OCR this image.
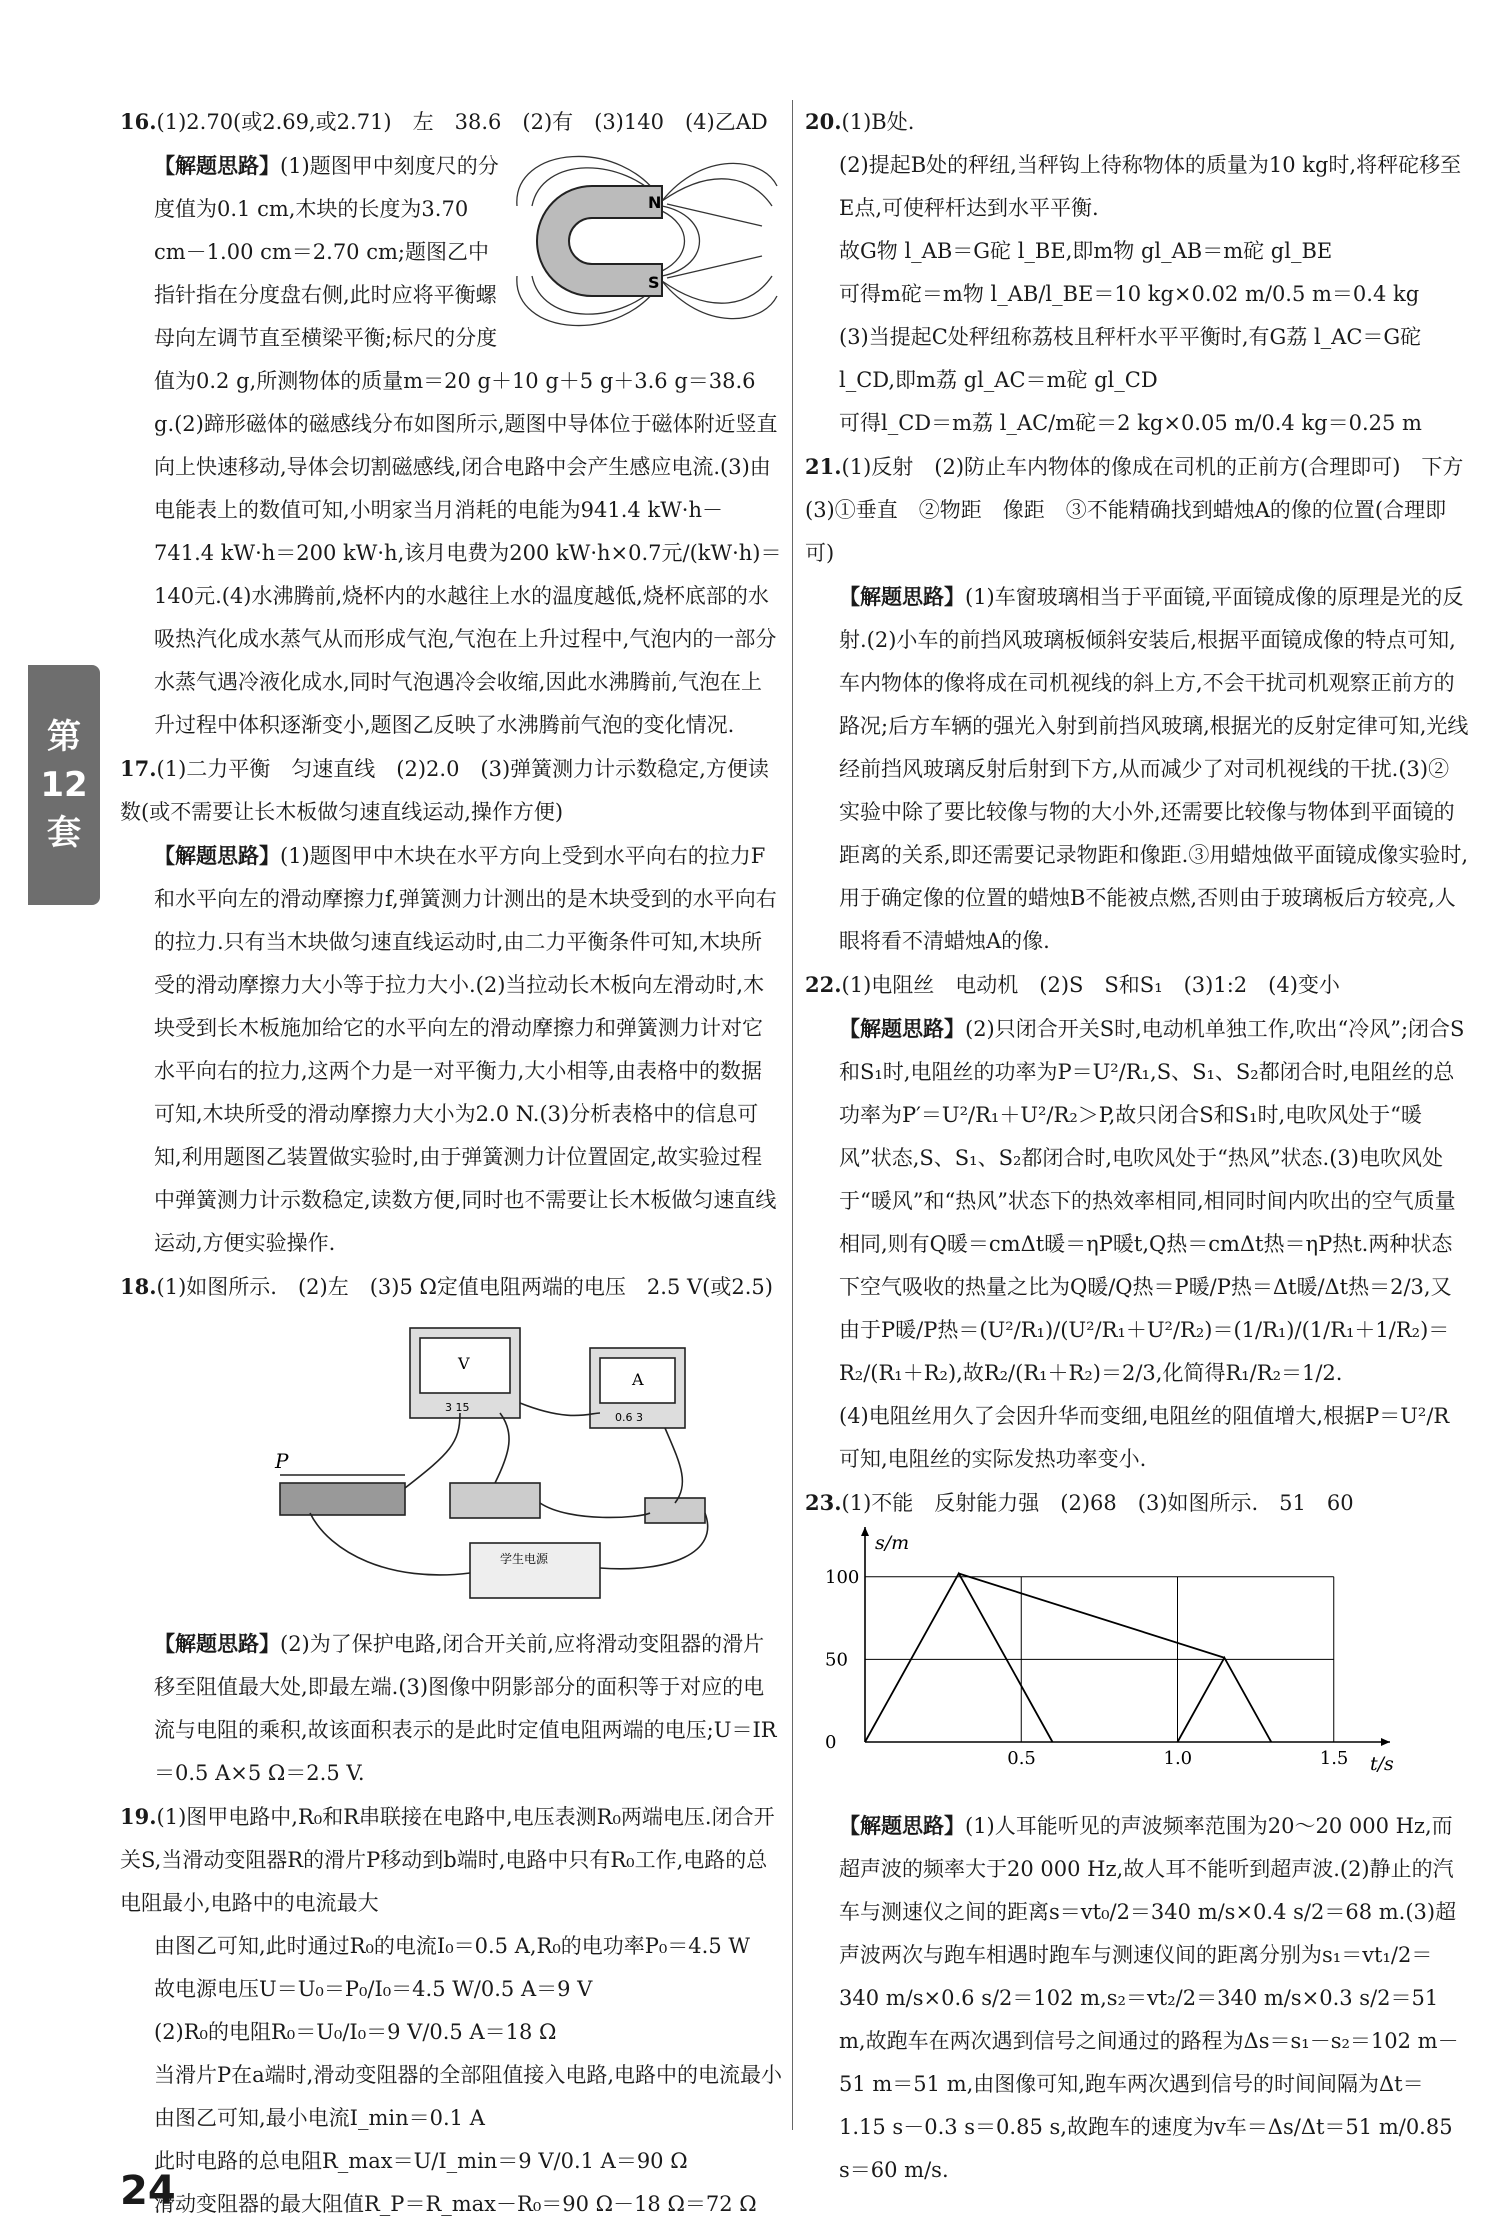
第
12
套
16.(1)2.70(或2.69,或2.71)　左　38.6　(2)有　(3)140　(4)乙AD
N
S
【解题思路】(1)题图甲中刻度尺的分度值为0.1 cm,木块的长度为3.70 cm－1.00 cm＝2.70 cm;题图乙中指针指在分度盘右侧,此时应将平衡螺母向左调节直至横梁平衡;标尺的分度值为0.2 g,所测物体的质量m＝20 g＋10 g＋5 g＋3.6 g＝38.6 g.(2)蹄形磁体的磁感线分布如图所示,题图中导体位于磁体附近竖直向上快速移动,导体会切割磁感线,闭合电路中会产生感应电流.(3)由电能表上的数值可知,小明家当月消耗的电能为941.4 kW·h－741.4 kW·h＝200 kW·h,该月电费为200 kW·h×0.7元/(kW·h)＝140元.(4)水沸腾前,烧杯内的水越往上水的温度越低,烧杯底部的水吸热汽化成水蒸气从而形成气泡,气泡在上升过程中,气泡内的一部分水蒸气遇冷液化成水,同时气泡遇冷会收缩,因此水沸腾前,气泡在上升过程中体积逐渐变小,题图乙反映了水沸腾前气泡的变化情况.
17.(1)二力平衡　匀速直线　(2)2.0　(3)弹簧测力计示数稳定,方便读数(或不需要让长木板做匀速直线运动,操作方便)
【解题思路】(1)题图甲中木块在水平方向上受到水平向右的拉力F和水平向左的滑动摩擦力f,弹簧测力计测出的是木块受到的水平向右的拉力.只有当木块做匀速直线运动时,由二力平衡条件可知,木块所受的滑动摩擦力大小等于拉力大小.(2)当拉动长木板向左滑动时,木块受到长木板施加给它的水平向左的滑动摩擦力和弹簧测力计对它水平向右的拉力,这两个力是一对平衡力,大小相等,由表格中的数据可知,木块所受的滑动摩擦力大小为2.0 N.(3)分析表格中的信息可知,利用题图乙装置做实验时,由于弹簧测力计位置固定,故实验过程中弹簧测力计示数稳定,读数方便,同时也不需要让长木板做匀速直线运动,方便实验操作.
18.(1)如图所示.　(2)左　(3)5 Ω定值电阻两端的电压　2.5 V(或2.5)
P
V
A
3 15
0.6 3
学生电源
【解题思路】(2)为了保护电路,闭合开关前,应将滑动变阻器的滑片移至阻值最大处,即最左端.(3)图像中阴影部分的面积等于对应的电流与电阻的乘积,故该面积表示的是此时定值电阻两端的电压;U＝IR＝0.5 A×5 Ω＝2.5 V.
19.(1)图甲电路中,R₀和R串联接在电路中,电压表测R₀两端电压.闭合开关S,当滑动变阻器R的滑片P移动到b端时,电路中只有R₀工作,电路的总电阻最小,电路中的电流最大
由图乙可知,此时通过R₀的电流I₀＝0.5 A,R₀的电功率P₀＝4.5 W
故电源电压U＝U₀＝P₀/I₀＝4.5 W/0.5 A＝9 V
(2)R₀的电阻R₀＝U₀/I₀＝9 V/0.5 A＝18 Ω
当滑片P在a端时,滑动变阻器的全部阻值接入电路,电路中的电流最小
由图乙可知,最小电流I_min＝0.1 A
此时电路的总电阻R_max＝U/I_min＝9 V/0.1 A＝90 Ω
滑动变阻器的最大阻值R_P＝R_max－R₀＝90 Ω－18 Ω＝72 Ω
20.(1)B处.
(2)提起B处的秤纽,当秤钩上待称物体的质量为10 kg时,将秤砣移至E点,可使秤杆达到水平平衡.
故G物 l_AB＝G砣 l_BE,即m物 gl_AB＝m砣 gl_BE
可得m砣＝m物 l_AB/l_BE＝10 kg×0.02 m/0.5 m＝0.4 kg
(3)当提起C处秤纽称荔枝且秤杆水平平衡时,有G荔 l_AC＝G砣 l_CD,即m荔 gl_AC＝m砣 gl_CD
可得l_CD＝m荔 l_AC/m砣＝2 kg×0.05 m/0.4 kg＝0.25 m
21.(1)反射　(2)防止车内物体的像成在司机的正前方(合理即可)　下方　(3)①垂直　②物距　像距　③不能精确找到蜡烛A的像的位置(合理即可)
【解题思路】(1)车窗玻璃相当于平面镜,平面镜成像的原理是光的反射.(2)小车的前挡风玻璃板倾斜安装后,根据平面镜成像的特点可知,车内物体的像将成在司机视线的斜上方,不会干扰司机观察正前方的路况;后方车辆的强光入射到前挡风玻璃,根据光的反射定律可知,光线经前挡风玻璃反射后射到下方,从而减少了对司机视线的干扰.(3)②实验中除了要比较像与物的大小外,还需要比较像与物体到平面镜的距离的关系,即还需要记录物距和像距.③用蜡烛做平面镜成像实验时,用于确定像的位置的蜡烛B不能被点燃,否则由于玻璃板后方较亮,人眼将看不清蜡烛A的像.
22.(1)电阻丝　电动机　(2)S　S和S₁　(3)1:2　(4)变小
【解题思路】(2)只闭合开关S时,电动机单独工作,吹出“冷风”;闭合S和S₁时,电阻丝的功率为P＝U²/R₁,S、S₁、S₂都闭合时,电阻丝的总功率为P′＝U²/R₁＋U²/R₂＞P,故只闭合S和S₁时,电吹风处于“暖风”状态,S、S₁、S₂都闭合时,电吹风处于“热风”状态.(3)电吹风处于“暖风”和“热风”状态下的热效率相同,相同时间内吹出的空气质量相同,则有Q暖＝cmΔt暖＝ηP暖t,Q热＝cmΔt热＝ηP热t.两种状态下空气吸收的热量之比为Q暖/Q热＝P暖/P热＝Δt暖/Δt热＝2/3,又由于P暖/P热＝(U²/R₁)/(U²/R₁＋U²/R₂)＝(1/R₁)/(1/R₁＋1/R₂)＝R₂/(R₁＋R₂),故R₂/(R₁＋R₂)＝2/3,化简得R₁/R₂＝1/2.
(4)电阻丝用久了会因升华而变细,电阻丝的阻值增大,根据P＝U²/R可知,电阻丝的实际发热功率变小.
23.(1)不能　反射能力强　(2)68　(3)如图所示.　51　60
0.5	1.0	1.5
0
50
100
t/s
s/m
【解题思路】(1)人耳能听见的声波频率范围为20～20 000 Hz,而超声波的频率大于20 000 Hz,故人耳不能听到超声波.(2)静止的汽车与测速仪之间的距离s＝vt₀/2＝340 m/s×0.4 s/2＝68 m.(3)超声波两次与跑车相遇时跑车与测速仪间的距离分别为s₁＝vt₁/2＝340 m/s×0.6 s/2＝102 m,s₂＝vt₂/2＝340 m/s×0.3 s/2＝51 m,故跑车在两次遇到信号之间通过的路程为Δs＝s₁－s₂＝102 m－51 m＝51 m,由图像可知,跑车两次遇到信号的时间间隔为Δt＝1.15 s－0.3 s＝0.85 s,故跑车的速度为v车＝Δs/Δt＝51 m/0.85 s＝60 m/s.
24
